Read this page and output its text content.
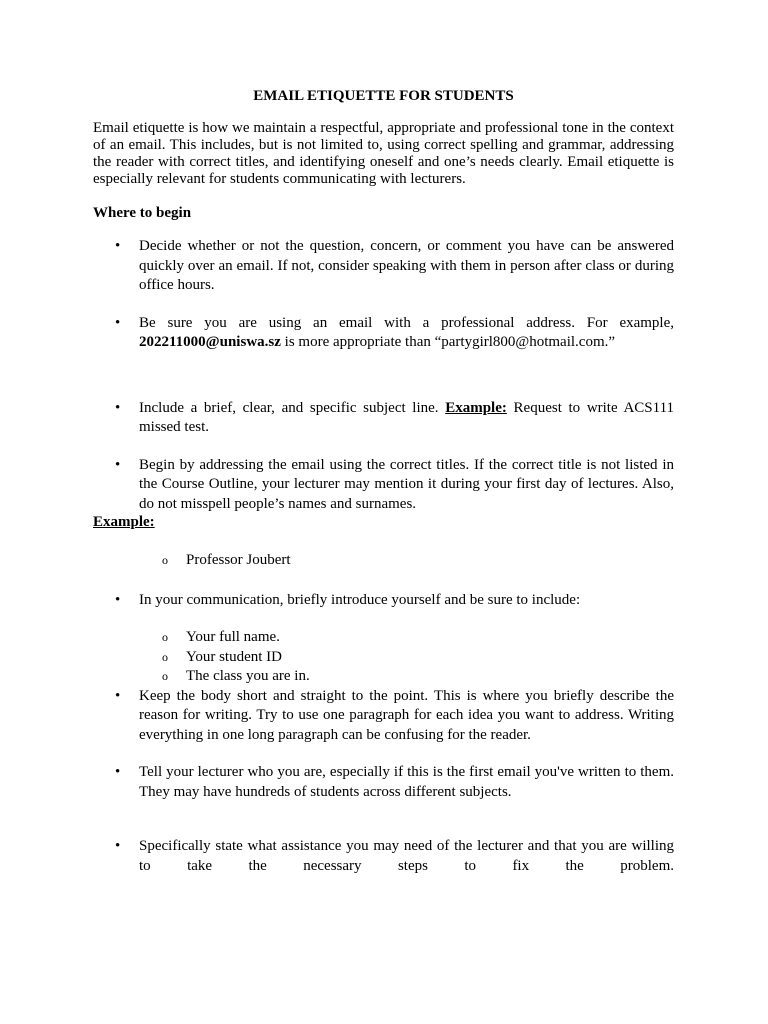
EMAIL ETIQUETTE FOR STUDENTS
Email etiquette is how we maintain a respectful, appropriate and professional tone in the context of an email. This includes, but is not limited to, using correct spelling and grammar, addressing the reader with correct titles, and identifying oneself and one’s needs clearly. Email etiquette is especially relevant for students communicating with lecturers.
Where to begin
• Decide whether or not the question, concern, or comment you have can be answered quickly over an email. If not, consider speaking with them in person after class or during office hours.
• Be sure you are using an email with a professional address. For example, 202211000@uniswa.sz is more appropriate than “partygirl800@hotmail.com.”
• Include a brief, clear, and specific subject line. Example: Request to write ACS111 missed test.
• Begin by addressing the email using the correct titles. If the correct title is not listed in the Course Outline, your lecturer may mention it during your first day of lectures. Also, do not misspell people’s names and surnames.
Example:
o Professor Joubert
• In your communication, briefly introduce yourself and be sure to include:
o Your full name.
o Your student ID
o The class you are in.
• Keep the body short and straight to the point. This is where you briefly describe the reason for writing. Try to use one paragraph for each idea you want to address. Writing everything in one long paragraph can be confusing for the reader.
• Tell your lecturer who you are, especially if this is the first email you've written to them. They may have hundreds of students across different subjects.
• Specifically state what assistance you may need of the lecturer and that you are willing to take the necessary steps to fix the problem.
